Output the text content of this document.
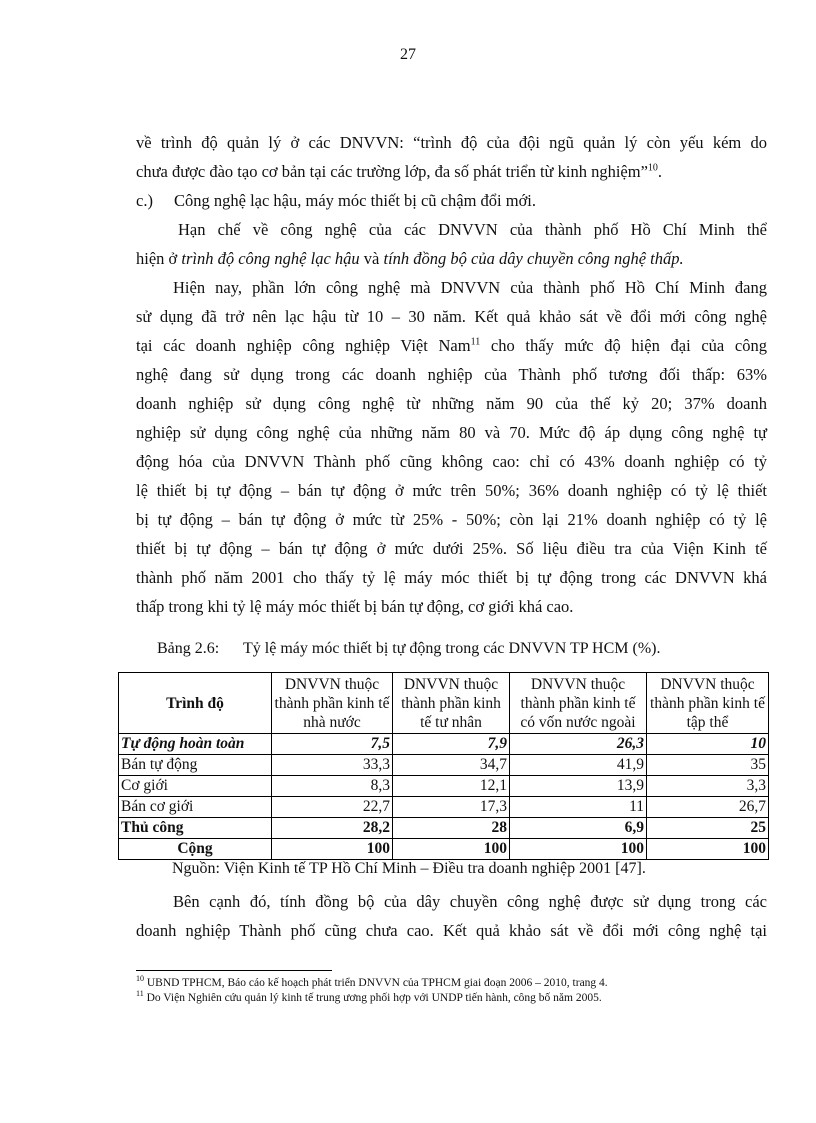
27
về trình độ quản lý ở các DNVVN: “trình độ của đội ngũ quản lý còn yếu kém do
chưa được đào tạo cơ bản tại các trường lớp, đa số phát triển từ kinh nghiệm”$^{10}$.
c.) Công nghệ lạc hậu, máy móc thiết bị cũ chậm đổi mới.
Hạn chế về công nghệ của các DNVVN của thành phố Hồ Chí Minh thể
hiện ở trình độ công nghệ lạc hậu và tính đồng bộ của dây chuyền công nghệ thấp.
Hiện nay, phần lớn công nghệ mà DNVVN của thành phố Hồ Chí Minh đang
sử dụng đã trở nên lạc hậu từ 10 – 30 năm. Kết quả khảo sát về đổi mới công nghệ
tại các doanh nghiệp công nghiệp Việt Nam$^{11}$ cho thấy mức độ hiện đại của công
nghệ đang sử dụng trong các doanh nghiệp của Thành phố tương đối thấp: 63%
doanh nghiệp sử dụng công nghệ từ những năm 90 của thế kỷ 20; 37% doanh
nghiệp sử dụng công nghệ của những năm 80 và 70. Mức độ áp dụng công nghệ tự
động hóa của DNVVN Thành phố cũng không cao: chỉ có 43% doanh nghiệp có tỷ
lệ thiết bị tự động – bán tự động ở mức trên 50%; 36% doanh nghiệp có tỷ lệ thiết
bị tự động – bán tự động ở mức từ 25% - 50%; còn lại 21% doanh nghiệp có tỷ lệ
thiết bị tự động – bán tự động ở mức dưới 25%. Số liệu điều tra của Viện Kinh tế
thành phố năm 2001 cho thấy tỷ lệ máy móc thiết bị tự động trong các DNVVN khá
thấp trong khi tỷ lệ máy móc thiết bị bán tự động, cơ giới khá cao.
Bảng 2.6: Tỷ lệ máy móc thiết bị tự động trong các DNVVN TP HCM (%).
Trình độ	DNVVN thuộc thành phần kinh tế nhà nước	DNVVN thuộc thành phần kinh tế tư nhân	DNVVN thuộc thành phần kinh tế có vốn nước ngoài	DNVVN thuộc thành phần kinh tế tập thể
Tự động hoàn toàn	7,5	7,9	26,3	10
Bán tự động	33,3	34,7	41,9	35
Cơ giới	8,3	12,1	13,9	3,3
Bán cơ giới	22,7	17,3	11	26,7
Thủ công	28,2	28	6,9	25
Cộng	100	100	100	100
Nguồn: Viện Kinh tế TP Hồ Chí Minh – Điều tra doanh nghiệp 2001 [47].
Bên cạnh đó, tính đồng bộ của dây chuyền công nghệ được sử dụng trong các
doanh nghiệp Thành phố cũng chưa cao. Kết quả khảo sát về đổi mới công nghệ tại
$^{10}$ UBND TPHCM, Báo cáo kế hoạch phát triển DNVVN của TPHCM giai đoạn 2006 – 2010, trang 4.
$^{11}$ Do Viện Nghiên cứu quản lý kinh tế trung ương phối hợp với UNDP tiến hành, công bố năm 2005.
